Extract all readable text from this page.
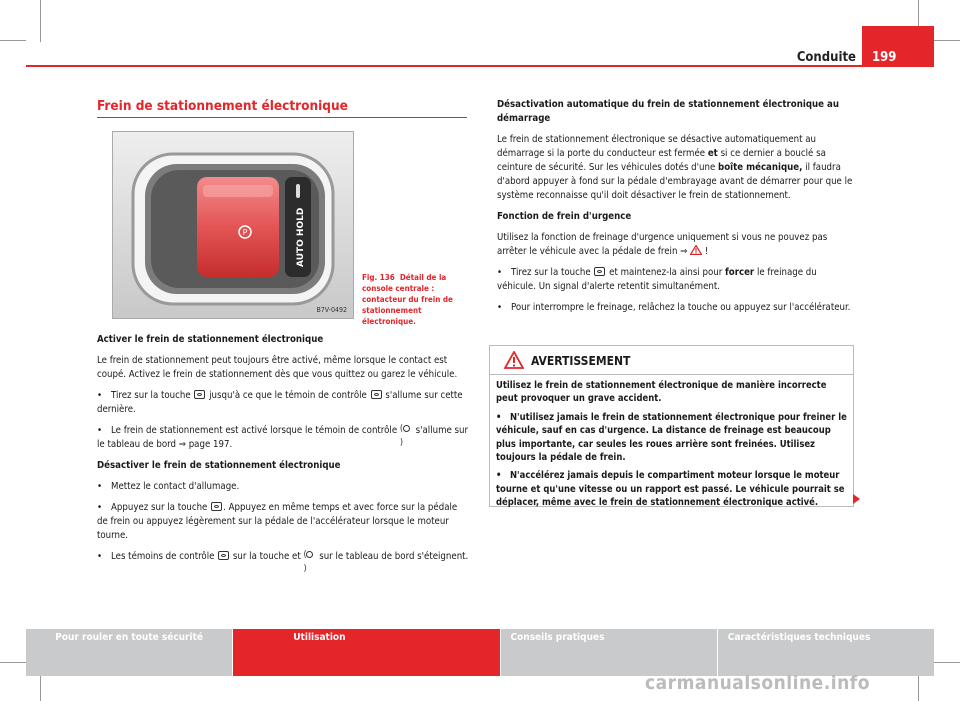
Conduite 199
Frein de stationnement électronique
P	AUTO HOLD
B7V-0492
Fig. 136 Détail de la console centrale : contacteur du frein de stationnement électronique.

Activer le frein de stationnement électronique

Le frein de stationnement peut toujours être activé, même lorsque le contact est coupé. Activez le frein de stationnement dès que vous quittez ou garez le véhicule.

• Tirez sur la touche jusqu'à ce que le témoin de contrôle s'allume sur cette dernière.

• Le frein de stationnement est activé lorsque le témoin de contrôle ( ) s'allume sur le tableau de bord ⇒ page 197.

Désactiver le frein de stationnement électronique

• Mettez le contact d'allumage.

• Appuyez sur la touche . Appuyez en même temps et avec force sur la pédale de frein ou appuyez légèrement sur la pédale de l'accélérateur lorsque le moteur tourne.

• Les témoins de contrôle sur la touche et ( ) sur le tableau de bord s'éteignent.

Désactivation automatique du frein de stationnement électronique au démarrage

Le frein de stationnement électronique se désactive automatiquement au démarrage si la porte du conducteur est fermée et si ce dernier a bouclé sa ceinture de sécurité. Sur les véhicules dotés d'une boîte mécanique, il faudra d'abord appuyer à fond sur la pédale d'embrayage avant de démarrer pour que le système reconnaisse qu'il doit désactiver le frein de stationnement.

Fonction de frein d'urgence

Utilisez la fonction de freinage d'urgence uniquement si vous ne pouvez pas arrêter le véhicule avec la pédale de frein ⇒ !

• Tirez sur la touche et maintenez-la ainsi pour forcer le freinage du véhicule. Un signal d'alerte retentit simultanément.

• Pour interrompre le freinage, relâchez la touche ou appuyez sur l'accélérateur.

AVERTISSEMENT

Utilisez le frein de stationnement électronique de manière incorrecte peut provoquer un grave accident.

• N'utilisez jamais le frein de stationnement électronique pour freiner le véhicule, sauf en cas d'urgence. La distance de freinage est beaucoup plus importante, car seules les roues arrière sont freinées. Utilisez toujours la pédale de frein.

• N'accélérez jamais depuis le compartiment moteur lorsque le moteur tourne et qu'une vitesse ou un rapport est passé. Le véhicule pourrait se déplacer, même avec le frein de stationnement électronique activé.

Pour rouler en toute sécurité	Utilisation	Conseils pratiques	Caractéristiques techniques
carmanualsonline.info
